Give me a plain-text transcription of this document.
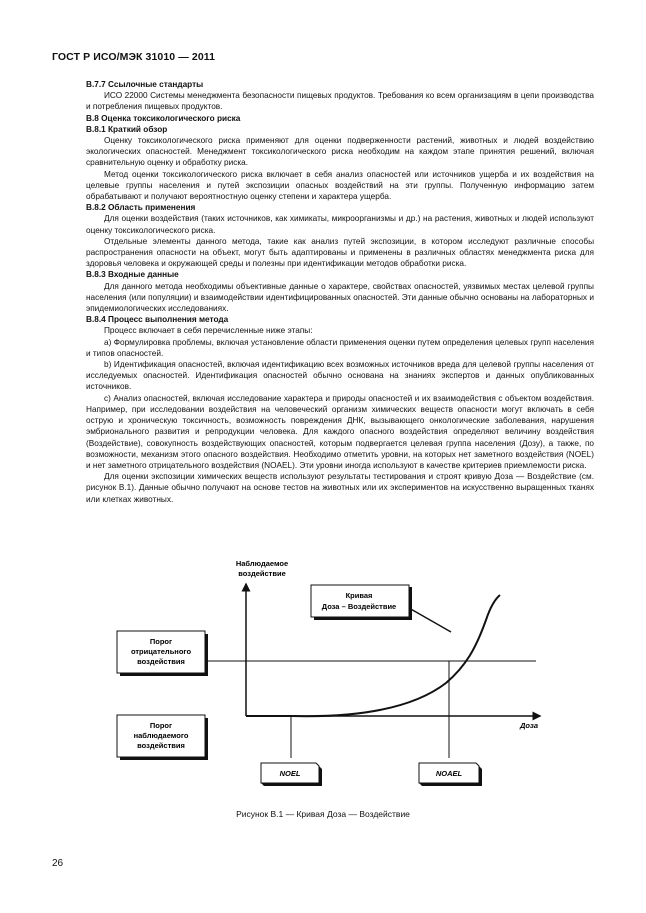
ГОСТ Р ИСО/МЭК 31010 — 2011

В.7.7 Ссылочные стандарты

ИСО 22000 Системы менеджмента безопасности пищевых продуктов. Требования ко всем организациям в цепи производства и потребления пищевых продуктов.

В.8 Оценка токсикологического риска

В.8.1 Краткий обзор

Оценку токсикологического риска применяют для оценки подверженности растений, животных и людей воздействию экологических опасностей. Менеджмент токсикологического риска необходим на каждом этапе принятия решений, включая сравнительную оценку и обработку риска.

Метод оценки токсикологического риска включает в себя анализ опасностей или источников ущерба и их воздействия на целевые группы населения и путей экспозиции опасных воздействий на эти группы. Полученную информацию затем обрабатывают и получают вероятностную оценку степени и характера ущерба.

В.8.2 Область применения

Для оценки воздействия (таких источников, как химикаты, микроорганизмы и др.) на растения, животных и людей используют оценку токсикологического риска.

Отдельные элементы данного метода, такие как анализ путей экспозиции, в котором исследуют различные способы распространения опасности на объект, могут быть адаптированы и применены в различных областях менеджмента риска для здоровья человека и окружающей среды и полезны при идентификации методов обработки риска.

В.8.3 Входные данные

Для данного метода необходимы объективные данные о характере, свойствах опасностей, уязвимых местах целевой группы населения (или популяции) и взаимодействии идентифицированных опасностей. Эти данные обычно основаны на лабораторных и эпидемиологических исследованиях.

В.8.4 Процесс выполнения метода

Процесс включает в себя перечисленные ниже этапы:

а) Формулировка проблемы, включая установление области применения оценки путем определения целевых групп населения и типов опасностей.

b) Идентификация опасностей, включая идентификацию всех возможных источников вреда для целевой группы населения от исследуемых опасностей. Идентификация опасностей обычно основана на знаниях экспертов и данных опубликованных источников.

с) Анализ опасностей, включая исследование характера и природы опасностей и их взаимодействия с объектом воздействия. Например, при исследовании воздействия на человеческий организм химических веществ опасности могут включать в себя острую и хроническую токсичность, возможность повреждения ДНК, вызывающего онкологические заболевания, нарушения эмбрионального развития и репродукции человека. Для каждого опасного воздействия определяют величину воздействия (Воздействие), совокупность воздействующих опасностей, которым подвергается целевая группа населения (Дозу), а также, по возможности, механизм этого опасного воздействия. Необходимо отметить уровни, на которых нет заметного воздействия (NOEL) и нет заметного отрицательного воздействия (NOAEL). Эти уровни иногда используют в качестве критериев приемлемости риска.

Для оценки экспозиции химических веществ используют результаты тестирования и строят кривую Доза — Воздействие (см. рисунок В.1). Данные обычно получают на основе тестов на животных или их экспериментов на искусственно выращенных тканях или клетках животных.

Наблюдаемое
воздействие
Доза
Кривая
Доза – Воздействие
Порог
отрицательного
воздействия
Порог
наблюдаемого
воздействия
NOEL	NOAEL
Рисунок В.1 — Кривая Доза — Воздействие
26
